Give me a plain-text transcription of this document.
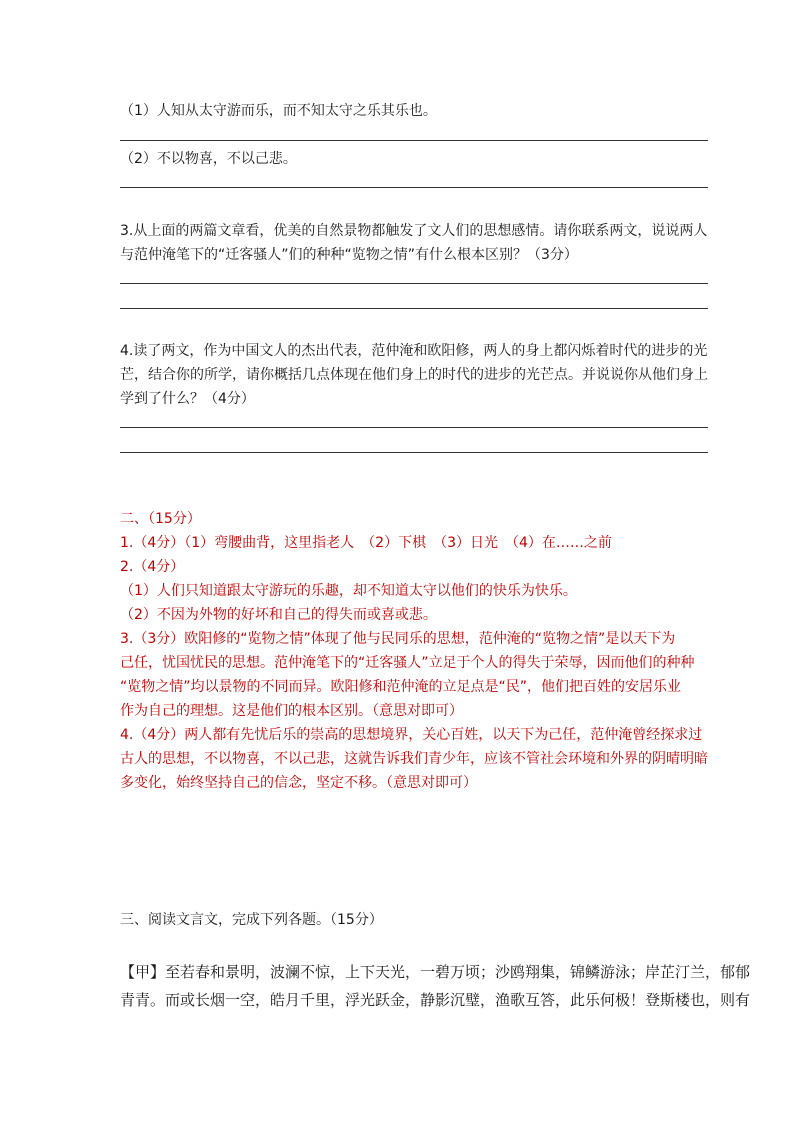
（1）人知从太守游而乐，而不知太守之乐其乐也。
（2）不以物喜，不以己悲。
3.从上面的两篇文章看，优美的自然景物都触发了文人们的思想感情。请你联系两文，说说两人
与范仲淹笔下的“迁客骚人”们的种种“览物之情”有什么根本区别？（3分）
4.读了两文，作为中国文人的杰出代表，范仲淹和欧阳修，两人的身上都闪烁着时代的进步的光
芒，结合你的所学，请你概括几点体现在他们身上的时代的进步的光芒点。并说说你从他们身上
学到了什么？（4分）
二、（15分）
1.（4分）（1）弯腰曲背，这里指老人　（2）下棋　（3）日光　（4）在……之前
2.（4分）
（1）人们只知道跟太守游玩的乐趣，却不知道太守以他们的快乐为快乐。
（2）不因为外物的好坏和自己的得失而或喜或悲。
3.（3分）欧阳修的“览物之情”体现了他与民同乐的思想，范仲淹的“览物之情”是以天下为
己任，忧国忧民的思想。范仲淹笔下的“迁客骚人”立足于个人的得失于荣辱，因而他们的种种
“览物之情”均以景物的不同而异。欧阳修和范仲淹的立足点是“民”，他们把百姓的安居乐业
作为自己的理想。这是他们的根本区别。（意思对即可）
4.（4分）两人都有先忧后乐的崇高的思想境界，关心百姓，以天下为己任，范仲淹曾经探求过
古人的思想，不以物喜，不以己悲，这就告诉我们青少年，应该不管社会环境和外界的阴晴明暗
多变化，始终坚持自己的信念，坚定不移。（意思对即可）
三、阅读文言文，完成下列各题。（15分）
【甲】至若春和景明，波澜不惊，上下天光，一碧万顷；沙鸥翔集，锦鳞游泳；岸芷汀兰，郁郁
青青。而或长烟一空，皓月千里，浮光跃金，静影沉璧，渔歌互答，此乐何极！登斯楼也，则有
